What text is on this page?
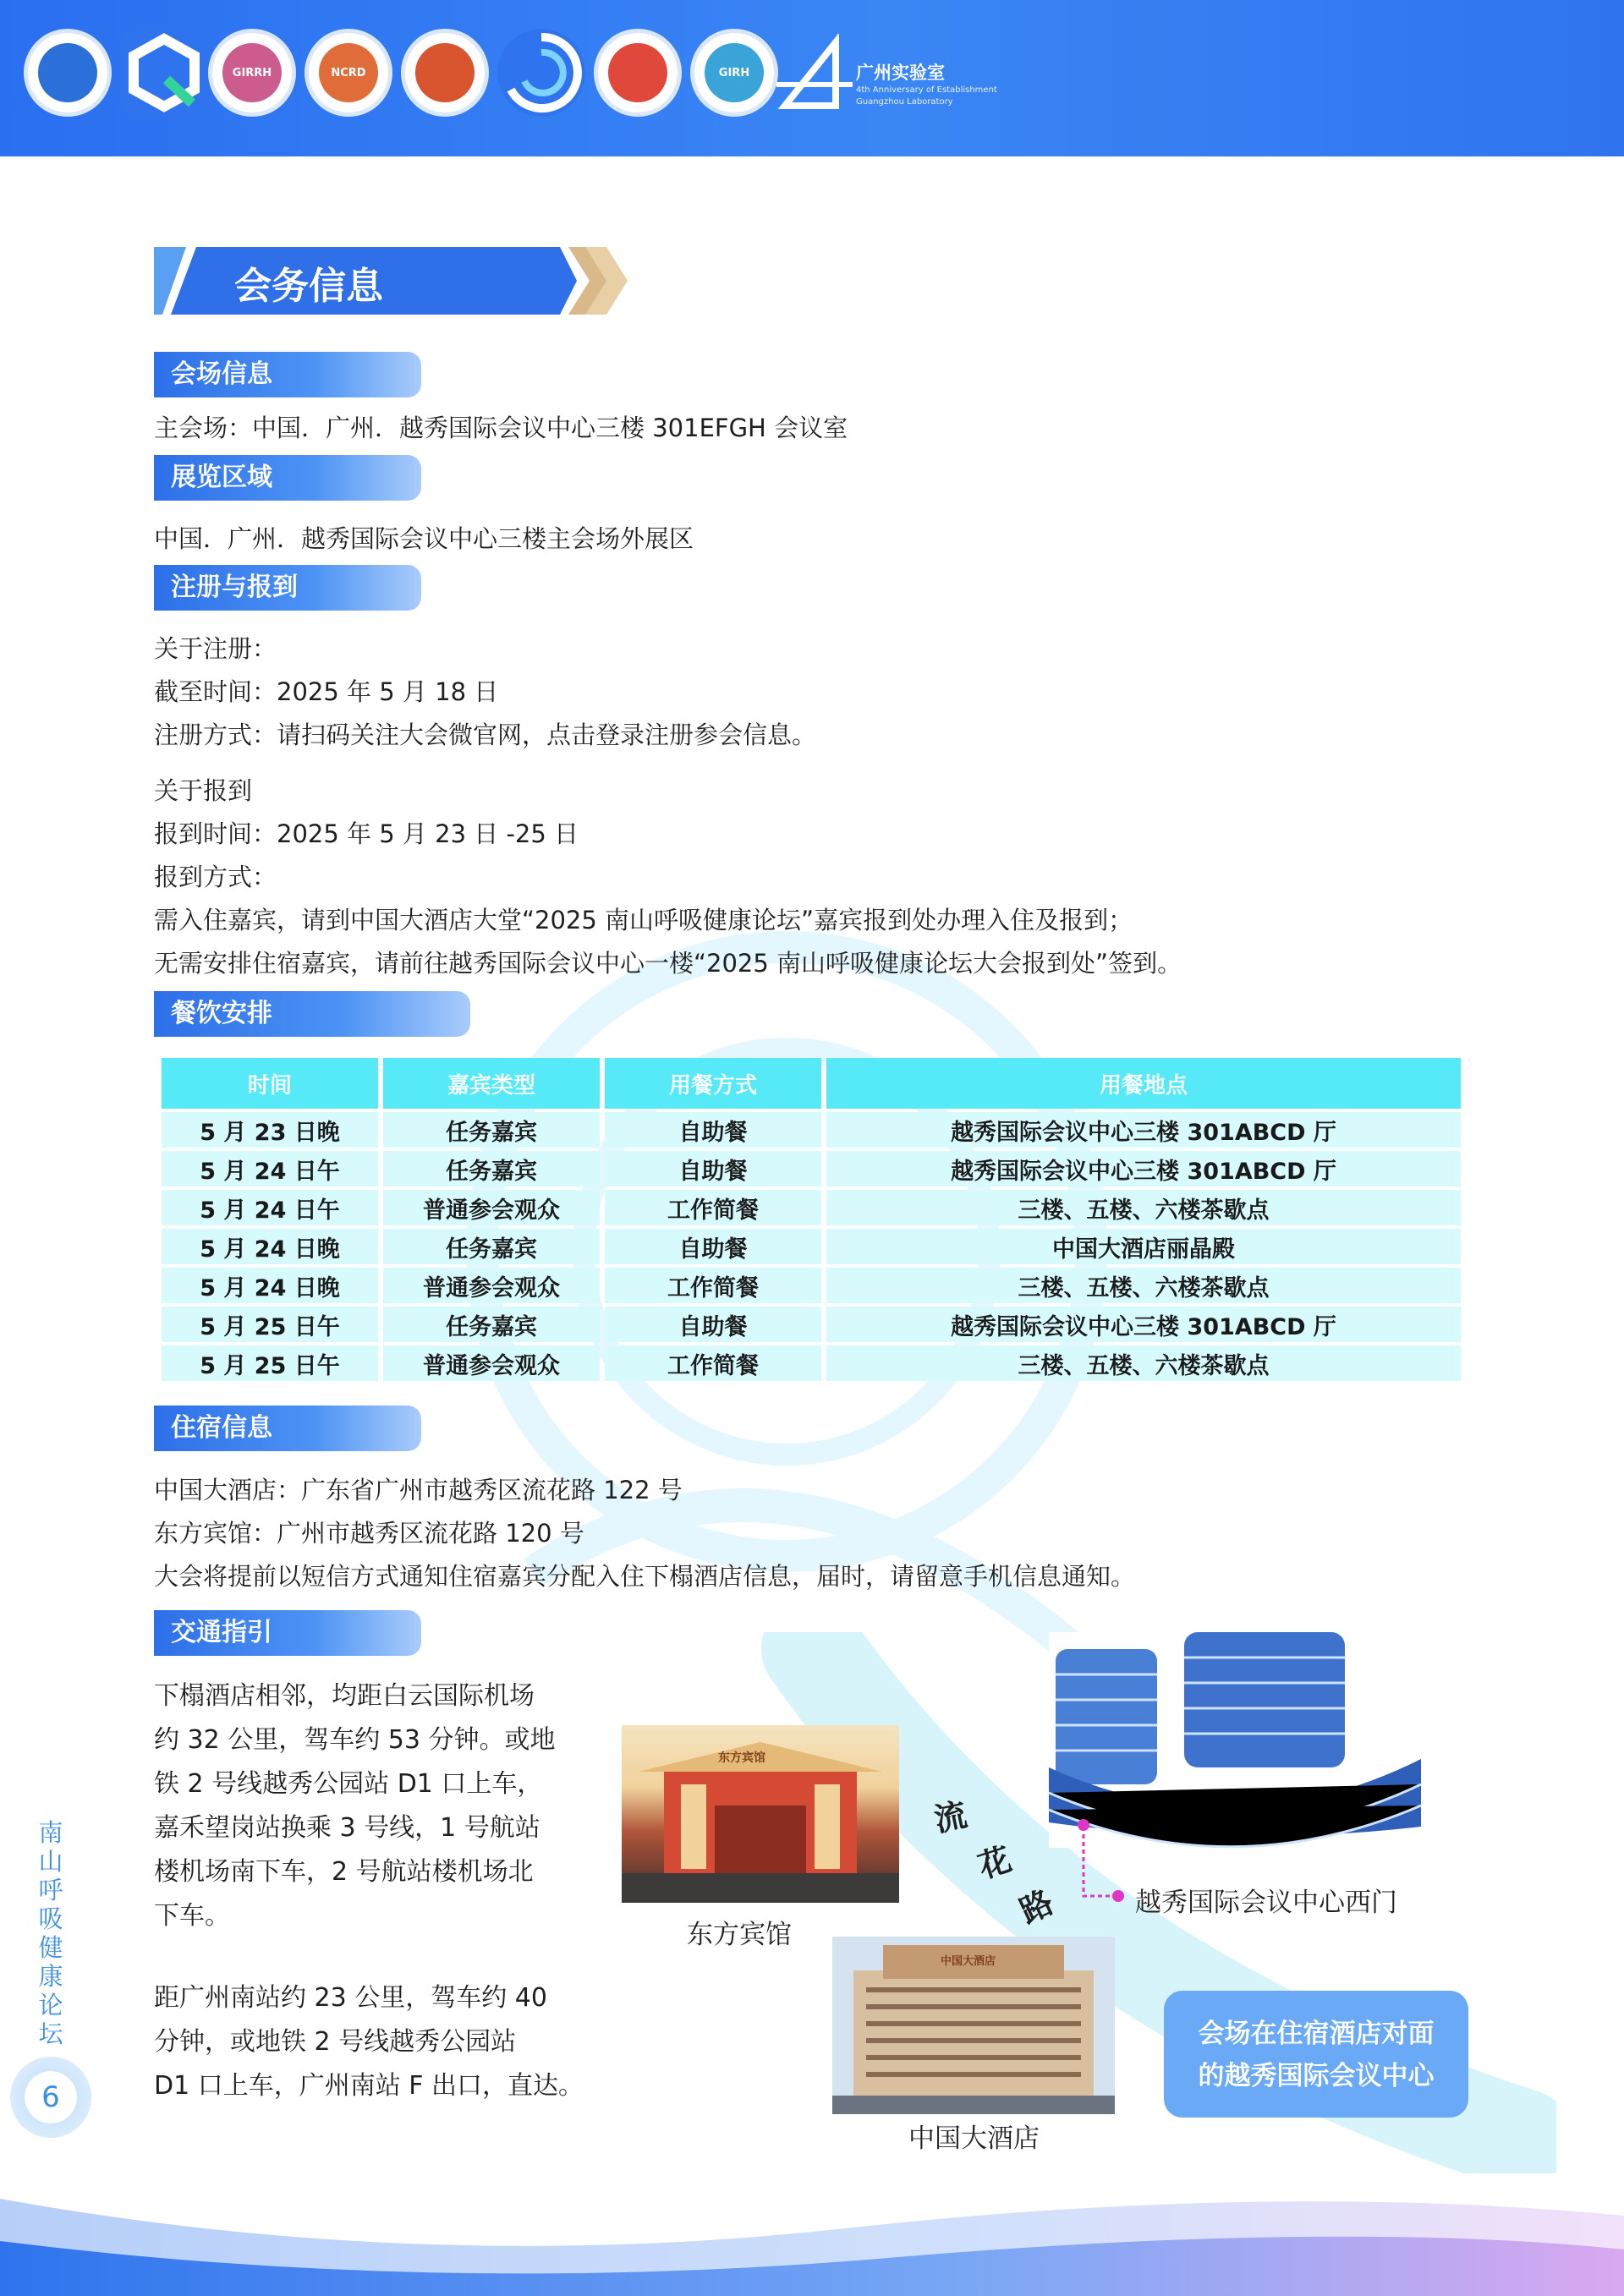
GIRRH	NCRD	GIRH	广州实验室
4th Anniversary of Establishment
Guangzhou Laboratory
会务信息
会场信息
主会场：中国．广州．越秀国际会议中心三楼 301EFGH 会议室
展览区域
中国．广州．越秀国际会议中心三楼主会场外展区
注册与报到
关于注册：
截至时间：2025 年 5 月 18 日
注册方式：请扫码关注大会微官网，点击登录注册参会信息。
关于报到
报到时间：2025 年 5 月 23 日 -25 日
报到方式：
需入住嘉宾，请到中国大酒店大堂“2025 南山呼吸健康论坛”嘉宾报到处办理入住及报到；
无需安排住宿嘉宾，请前往越秀国际会议中心一楼“2025 南山呼吸健康论坛大会报到处”签到。
餐饮安排
时间	嘉宾类型	用餐方式	用餐地点
5 月 23 日晚	任务嘉宾	自助餐	越秀国际会议中心三楼 301ABCD 厅
5 月 24 日午	任务嘉宾	自助餐	越秀国际会议中心三楼 301ABCD 厅
5 月 24 日午	普通参会观众	工作简餐	三楼、五楼、六楼茶歇点
5 月 24 日晚	任务嘉宾	自助餐	中国大酒店丽晶殿
5 月 24 日晚	普通参会观众	工作简餐	三楼、五楼、六楼茶歇点
5 月 25 日午	任务嘉宾	自助餐	越秀国际会议中心三楼 301ABCD 厅
5 月 25 日午	普通参会观众	工作简餐	三楼、五楼、六楼茶歇点
住宿信息
中国大酒店：广东省广州市越秀区流花路 122 号
东方宾馆：广州市越秀区流花路 120 号
大会将提前以短信方式通知住宿嘉宾分配入住下榻酒店信息，届时，请留意手机信息通知。
交通指引
下榻酒店相邻，均距白云国际机场
约 32 公里，驾车约 53 分钟。或地
铁 2 号线越秀公园站 D1 口上车，
嘉禾望岗站换乘 3 号线，1 号航站
楼机场南下车，2 号航站楼机场北
下车。
距广州南站约 23 公里，驾车约 40
分钟，或地铁 2 号线越秀公园站
D1 口上车，广州南站 F 出口，直达。
东方宾馆
东方宾馆
流
花
路	越秀国际会议中心西门
中国大酒店
中国大酒店
会场在住宿酒店对面
的越秀国际会议中心
南
山
呼
吸
健
康
论
坛
6
